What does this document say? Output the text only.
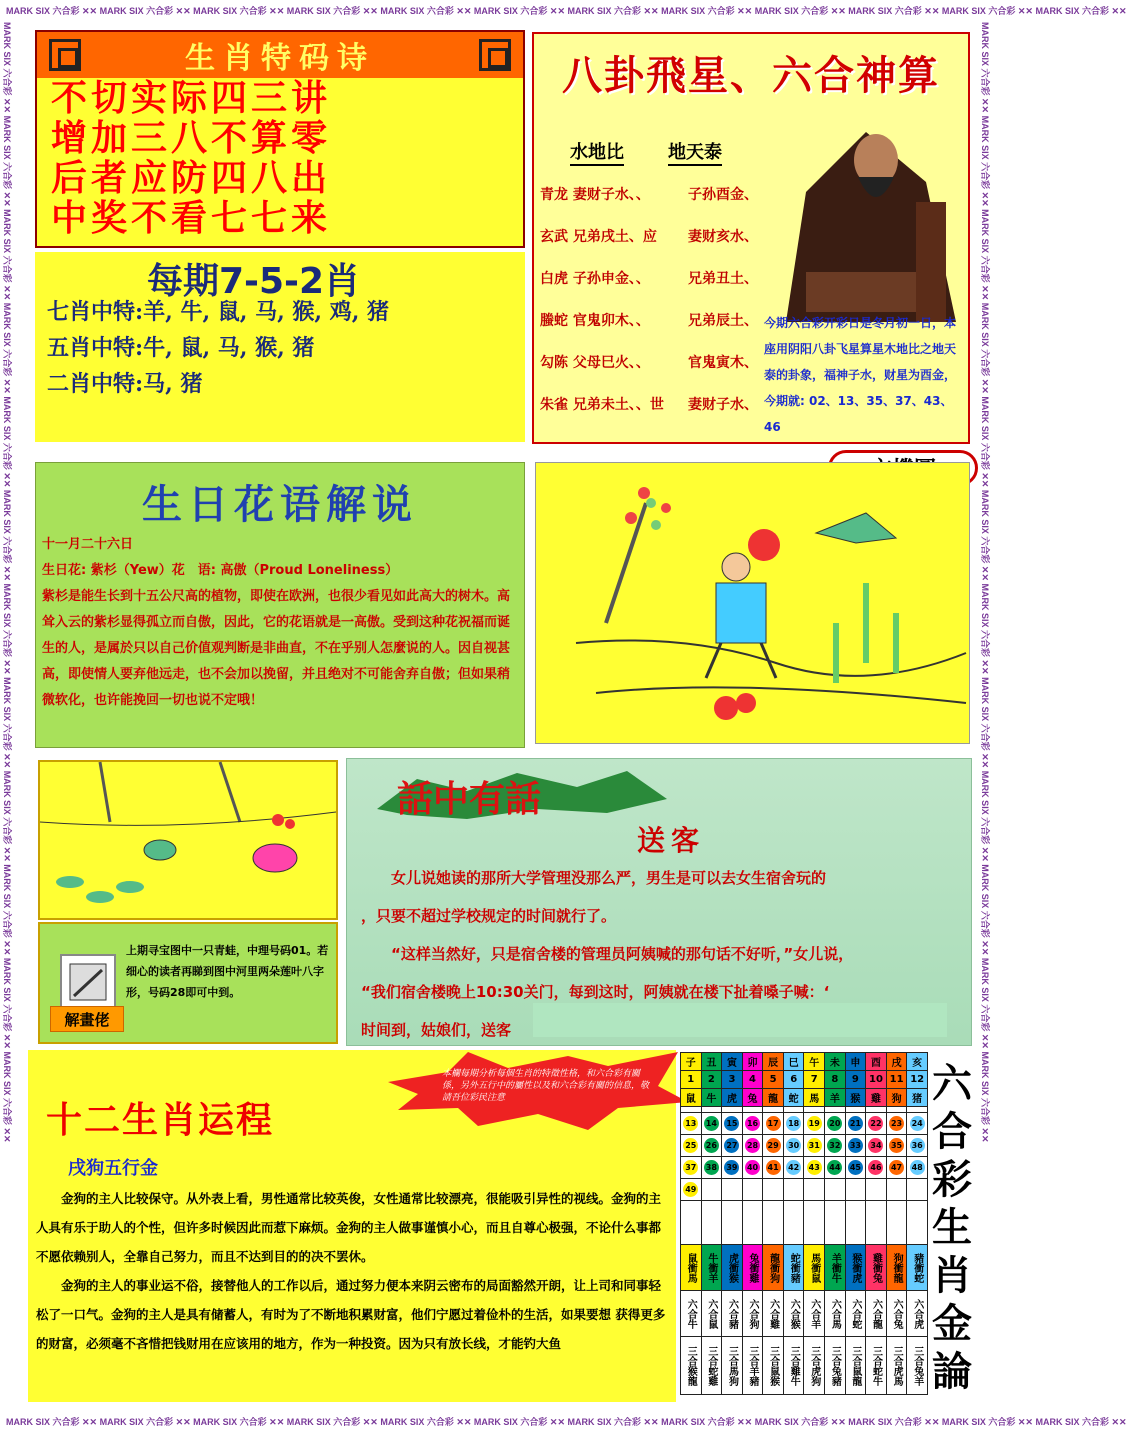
MARK SIX 六合彩 ✕✕ MARK SIX 六合彩 ✕✕ MARK SIX 六合彩 ✕✕ MARK SIX 六合彩 ✕✕ MARK SIX 六合彩 ✕✕ MARK SIX 六合彩 ✕✕ MARK SIX 六合彩 ✕✕ MARK SIX 六合彩 ✕✕ MARK SIX 六合彩 ✕✕ MARK SIX 六合彩 ✕✕ MARK SIX 六合彩 ✕✕ MARK SIX 六合彩 ✕✕
MARK SIX 六合彩 ✕✕ MARK SIX 六合彩 ✕✕ MARK SIX 六合彩 ✕✕ MARK SIX 六合彩 ✕✕ MARK SIX 六合彩 ✕✕ MARK SIX 六合彩 ✕✕ MARK SIX 六合彩 ✕✕ MARK SIX 六合彩 ✕✕ MARK SIX 六合彩 ✕✕ MARK SIX 六合彩 ✕✕ MARK SIX 六合彩 ✕✕ MARK SIX 六合彩 ✕✕
MARK SIX 六合彩 ✕✕ MARK SIX 六合彩 ✕✕ MARK SIX 六合彩 ✕✕ MARK SIX 六合彩 ✕✕ MARK SIX 六合彩 ✕✕ MARK SIX 六合彩 ✕✕ MARK SIX 六合彩 ✕✕ MARK SIX 六合彩 ✕✕ MARK SIX 六合彩 ✕✕ MARK SIX 六合彩 ✕✕ MARK SIX 六合彩 ✕✕ MARK SIX 六合彩 ✕✕	MARK SIX 六合彩 ✕✕ MARK SIX 六合彩 ✕✕ MARK SIX 六合彩 ✕✕ MARK SIX 六合彩 ✕✕ MARK SIX 六合彩 ✕✕ MARK SIX 六合彩 ✕✕ MARK SIX 六合彩 ✕✕ MARK SIX 六合彩 ✕✕ MARK SIX 六合彩 ✕✕ MARK SIX 六合彩 ✕✕ MARK SIX 六合彩 ✕✕ MARK SIX 六合彩 ✕✕
生肖特码诗
不切实际四三讲
增加三八不算零
后者应防四八出
中奖不看七七来
每期7-5-2肖
七肖中特:羊, 牛, 鼠, 马, 猴, 鸡, 猪
五肖中特:牛, 鼠, 马, 猴, 猪
二肖中特:马, 猪
八卦飛星、六合神算
水地比 地天泰
青龙 妻财子水、、	子孙酉金、
玄武 兄弟戌土、应 妻财亥水、
白虎 子孙申金、、	兄弟丑土、
螣蛇 官鬼卯木、、	兄弟辰土、
勾陈 父母巳火、、	官鬼寅木、
朱雀 兄弟未土、、世 妻财子水、
今期六合彩开彩日是冬月初一日，本座用阴阳八卦飞星算星木地比之地天泰的卦象，福神子水，财星为酉金，今期就: 02、13、35、37、43、46
生日花语解说
十一月二十六日
生日花: 紫杉（Yew）花　语: 高傲（Proud Loneliness）
紫杉是能生长到十五公尺高的植物，即使在欧洲，也很少看见如此高大的树木。高耸入云的紫杉显得孤立而自傲，因此，它的花语就是一高傲。受到这种花祝福而诞生的人，是属於只以自己价值观判断是非曲直，不在乎别人怎麼说的人。因自视甚高，即使情人要弃他远走，也不会加以挽留，并且绝对不可能舍弃自傲；但如果稍微软化，也许能挽回一切也说不定哦！
解畫佬
上期寻宝图中一只青蛙，中理号码01。若细心的读者再睇到图中河里两朵莲叶八字形，号码28即可中到。
話中有話
送客
　　女儿说她读的那所大学管理没那么严，男生是可以去女生宿舍玩的
，只要不超过学校规定的时间就行了。
　　“这样当然好，只是宿舍楼的管理员阿姨喊的那句话不好听，”女儿说，
“我们宿舍楼晚上10:30关门，每到这时，阿姨就在楼下扯着嗓子喊：‘
时间到，姑娘们，送客
本欄每期分析每個生肖的特徵性格，和六合彩有關係，另外五行中的屬性以及和六合彩有關的信息，敬請吾位彩民注意
十二生肖运程
戌狗五行金
　　金狗的主人比较保守。从外表上看，男性通常比较英俊，女性通常比较漂亮，很能吸引异性的视线。金狗的主人具有乐于助人的个性，但许多时候因此而惹下麻烦。金狗的主人做事谨慎小心，而且自尊心极强，不论什么事都不愿依赖别人，全靠自己努力，而且不达到目的的决不罢休。
　　金狗的主人的事业运不俗，接替他人的工作以后，通过努力便本来阴云密布的局面豁然开朗，让上司和同事轻松了一口气。金狗的主人是具有储蓄人，有时为了不断地积累财富，他们宁愿过着俭朴的生活，如果要想 获得更多的财富，必须毫不吝惜把钱财用在应该用的地方，作为一种投资。因为只有放长线，才能钓大鱼
子	丑	寅	卯	辰	巳	午	未	申	酉	戌	亥
1	2	3	4	5	6	7	8	9	10	11	12
鼠	牛	虎	兔	龍	蛇	馬	羊	猴	雞	狗	猪

13	14	15	16	17	18	19	20	21	22	23	24
25	26	27	28	29	30	31	32	33	34	35	36
37	38	39	40	41	42	43	44	45	46	47	48
49											

鼠衝馬	牛衝羊	虎衝猴	兔衝雞	龍衝狗	蛇衝豬	馬衝鼠	羊衝牛	猴衝虎	雞衝兔	狗衝龍	豬衝蛇
六合牛	六合鼠	六合豬	六合狗	六合雞	六合猴	六合羊	六合馬	六合蛇	六合龍	六合兔	六合虎
三合猴龍	三合蛇雞	三合馬狗	三合羊豬	三合鼠猴	三合雞牛	三合虎狗	三合兔豬	三合鼠龍	三合蛇牛	三合虎馬	三合兔羊
六合彩生肖金論
